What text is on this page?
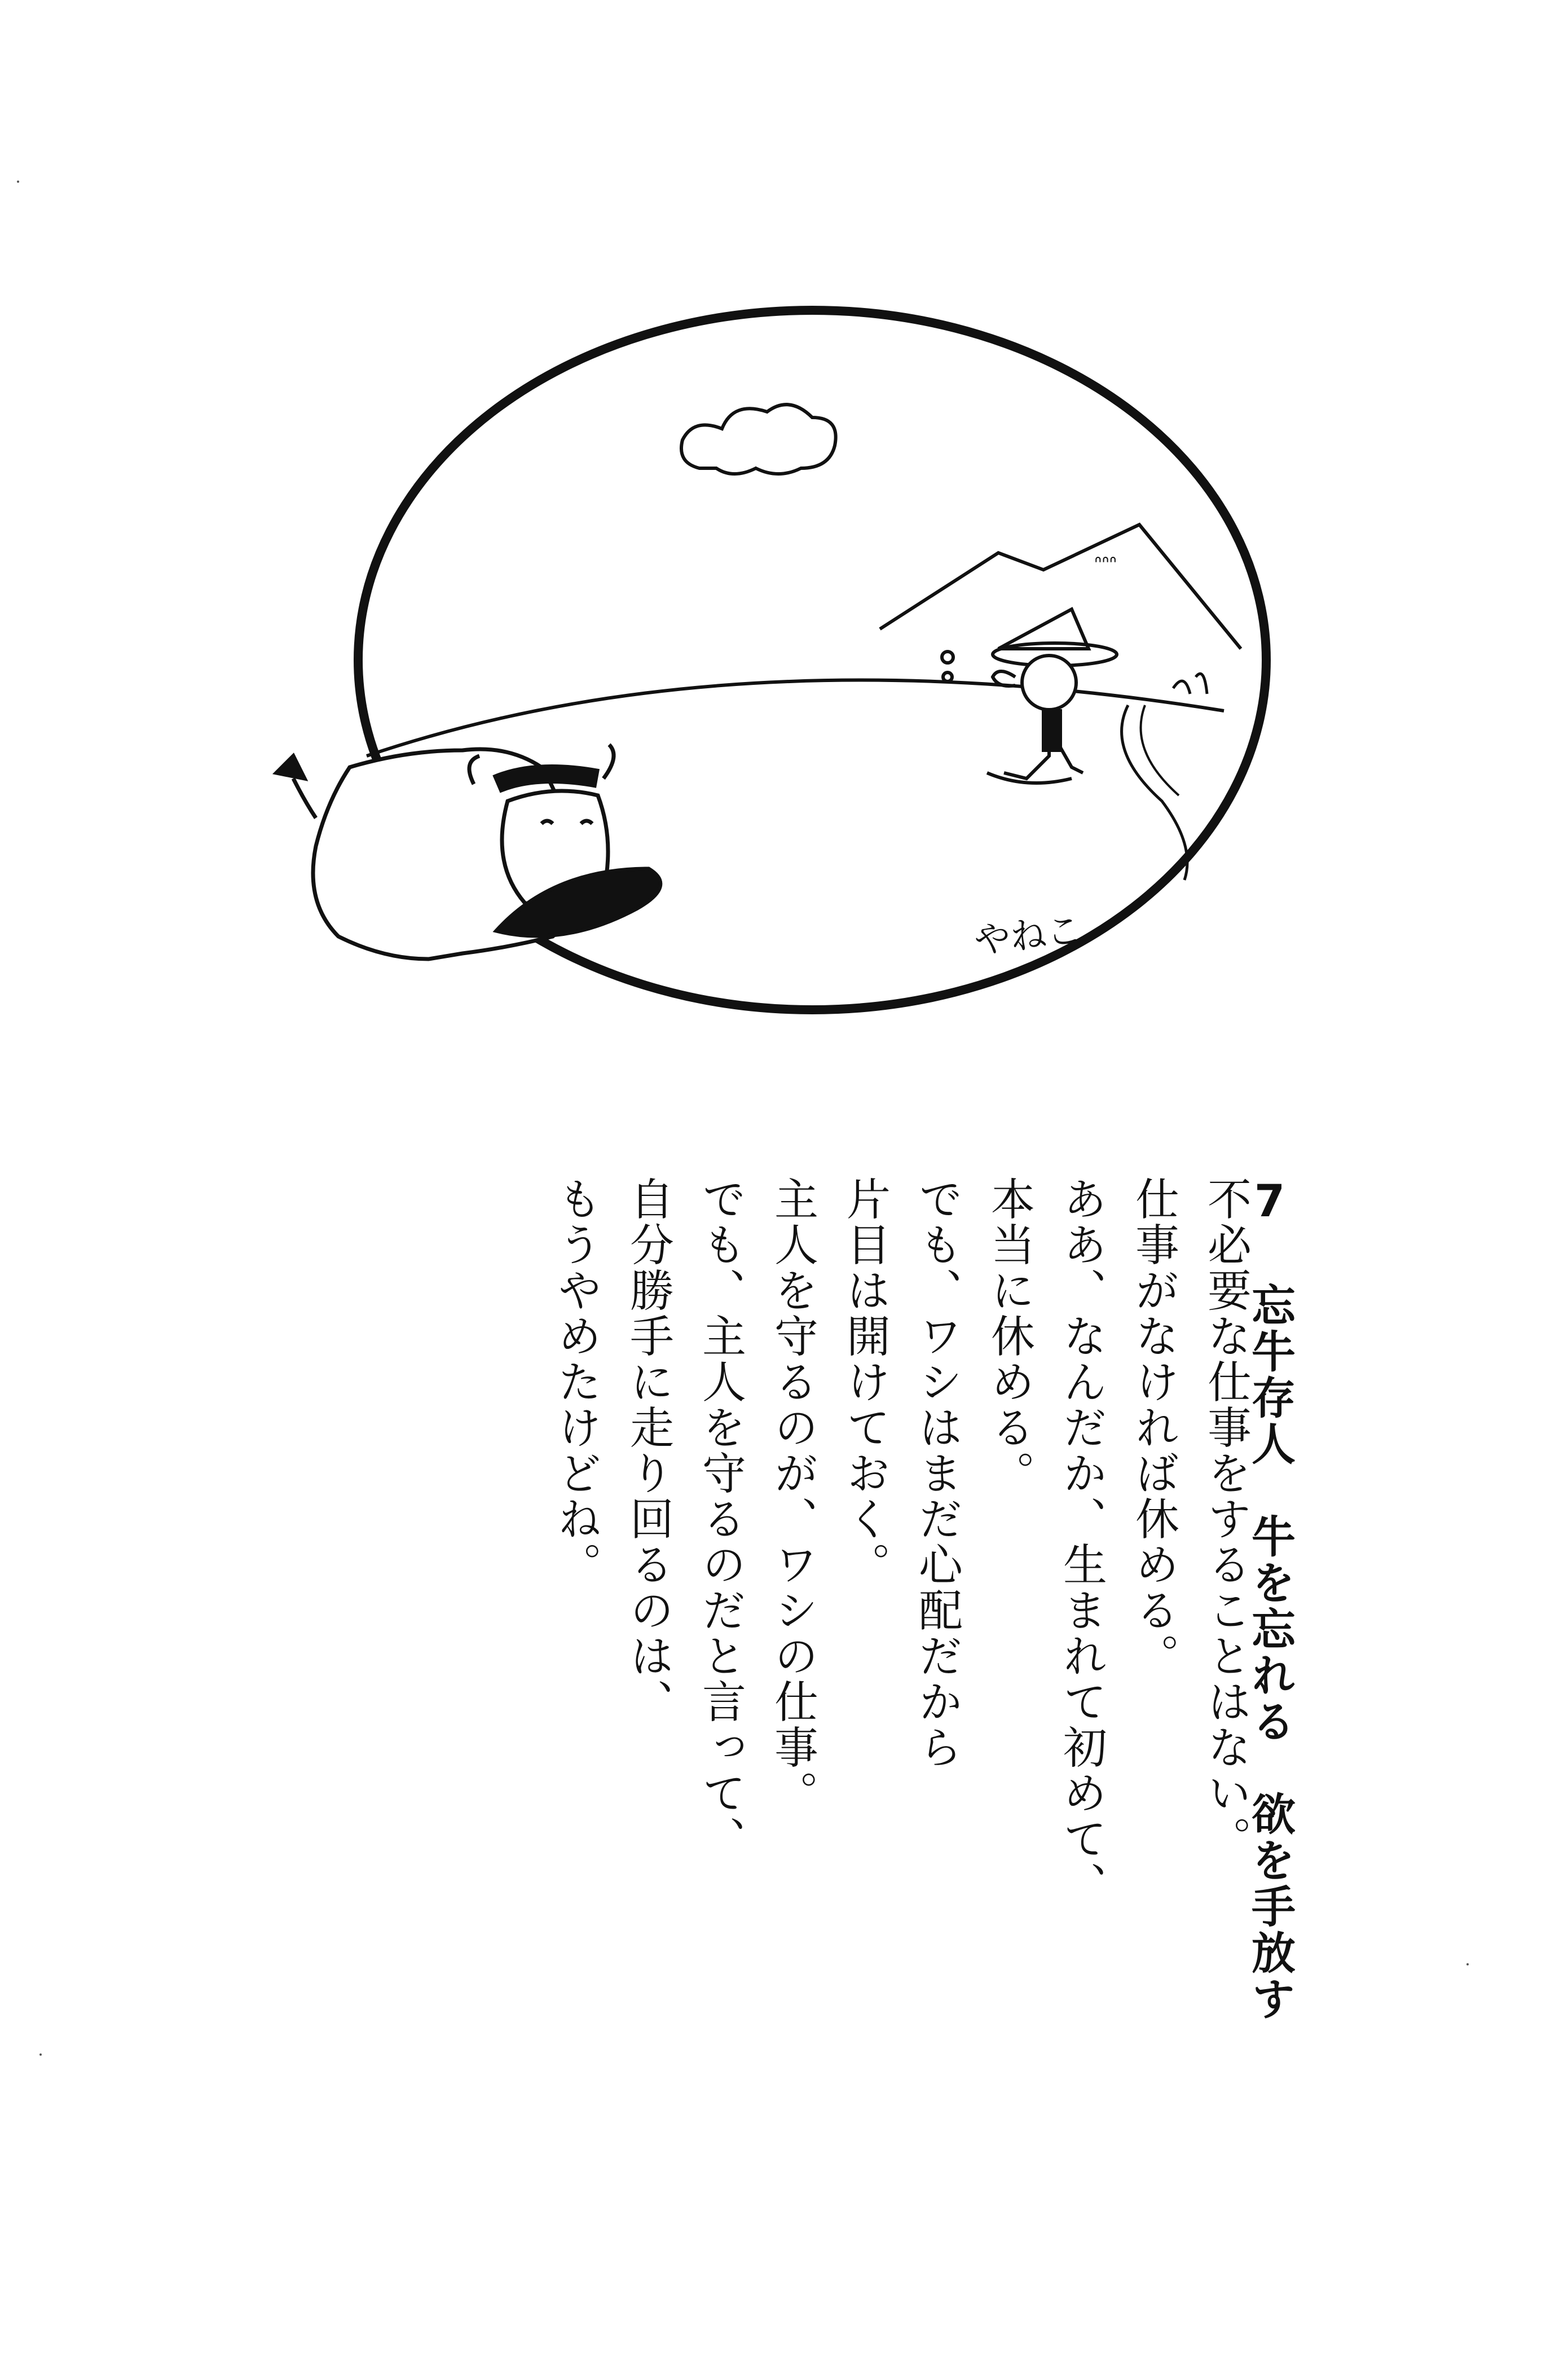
ᐢᐢᐢ
やねこ
7 忘牛存人　牛を忘れる　欲を手放す
不必要な仕事をすることはない。
仕事がなければ休める。
ああ、なんだか、生まれて初めて、
本当に休める。
でも、ワシはまだ心配だから
片目は開けておく。
主人を守るのが、ワシの仕事。
でも、主人を守るのだと言って、
自分勝手に走り回るのは、
もうやめたけどね。
